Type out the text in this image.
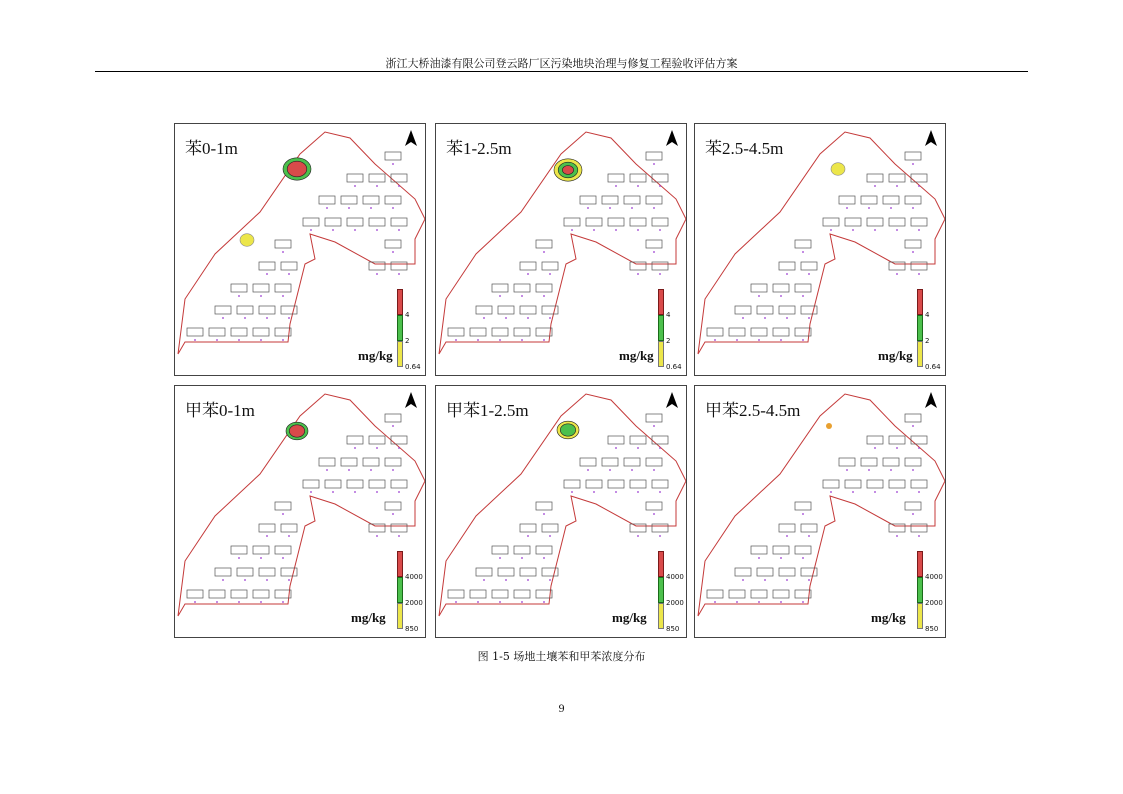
浙江大桥油漆有限公司登云路厂区污染地块治理与修复工程验收评估方案
苯0-1m
4
2
0.64
mg/kg
苯1-2.5m
4
2
0.64
mg/kg
苯2.5-4.5m
4
2
0.64
mg/kg
甲苯0-1m
4000
2000
850
mg/kg
甲苯1-2.5m
4000
2000
850
mg/kg
甲苯2.5-4.5m
4000
2000
850
mg/kg
图 1-5 场地土壤苯和甲苯浓度分布
9
